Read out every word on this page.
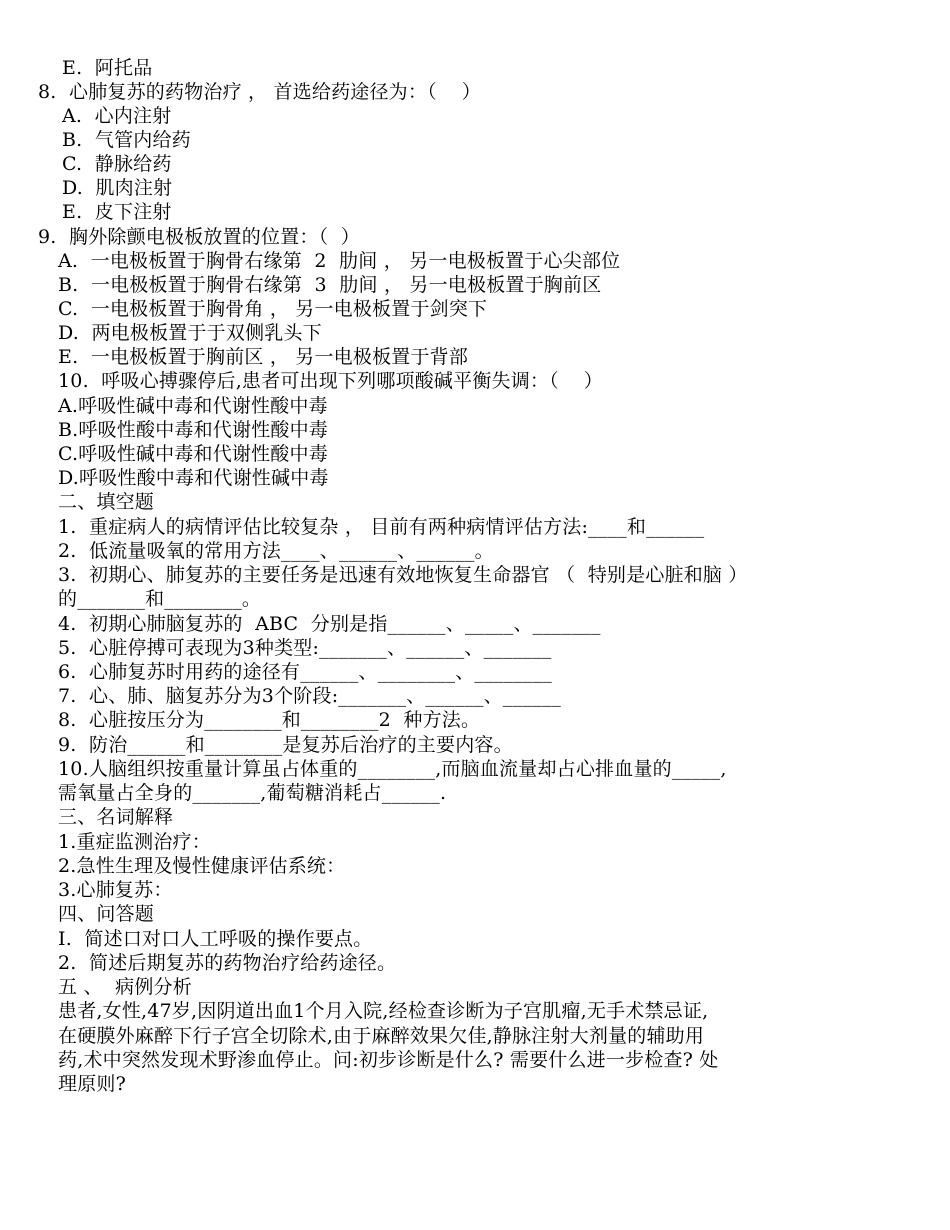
E.  阿托品
8.  心肺复苏的药物治疗 ， 首选给药途径为：（    ）
A.  心内注射
B.  气管内给药
C.  静脉给药
D.  肌肉注射
E.  皮下注射
9.  胸外除颤电极板放置的位置：（  ）
A.  一电极板置于胸骨右缘第  2  肋间 ， 另一电极板置于心尖部位
B.  一电极板置于胸骨右缘第  3  肋间 ， 另一电极板置于胸前区
C.  一电极板置于胸骨角 ， 另一电极板置于剑突下
D.  两电极板置于于双侧乳头下
E.  一电极板置于胸前区 ， 另一电极板置于背部
10.  呼吸心搏骤停后,患者可出现下列哪项酸碱平衡失调：（    ）
A.呼吸性碱中毒和代谢性酸中毒
B.呼吸性酸中毒和代谢性酸中毒
C.呼吸性碱中毒和代谢性酸中毒
D.呼吸性酸中毒和代谢性碱中毒
二、填空题
1.  重症病人的病情评估比较复杂 ， 目前有两种病情评估方法:____和______
2.  低流量吸氧的常用方法____、______、______。
3.  初期心、肺复苏的主要任务是迅速有效地恢复生命器官 （  特别是心脏和脑 ）
的_______和________。
4.  初期心肺脑复苏的  ABC  分别是指______、_____、_______
5.  心脏停搏可表现为3种类型:_______、______、_______
6.  心肺复苏时用药的途径有______、________、________
7.  心、肺、脑复苏分为3个阶段:_______、______、______
8.  心脏按压分为________和________2  种方法。
9.  防治______和________是复苏后治疗的主要内容。
10.人脑组织按重量计算虽占体重的________,而脑血流量却占心排血量的_____,
需氧量占全身的_______,葡萄糖消耗占______.
三、名词解释
1.重症监测治疗：
2.急性生理及慢性健康评估系统：
3.心肺复苏：
四、问答题
I.  简述口对口人工呼吸的操作要点。
2.  简述后期复苏的药物治疗给药途径。
五 、  病例分析
患者,女性,47岁,因阴道出血1个月入院,经检查诊断为子宫肌瘤,无手术禁忌证,
在硬膜外麻醉下行子宫全切除术,由于麻醉效果欠佳,静脉注射大剂量的辅助用
药,术中突然发现术野渗血停止。问:初步诊断是什么? 需要什么进一步检查? 处
理原则?
